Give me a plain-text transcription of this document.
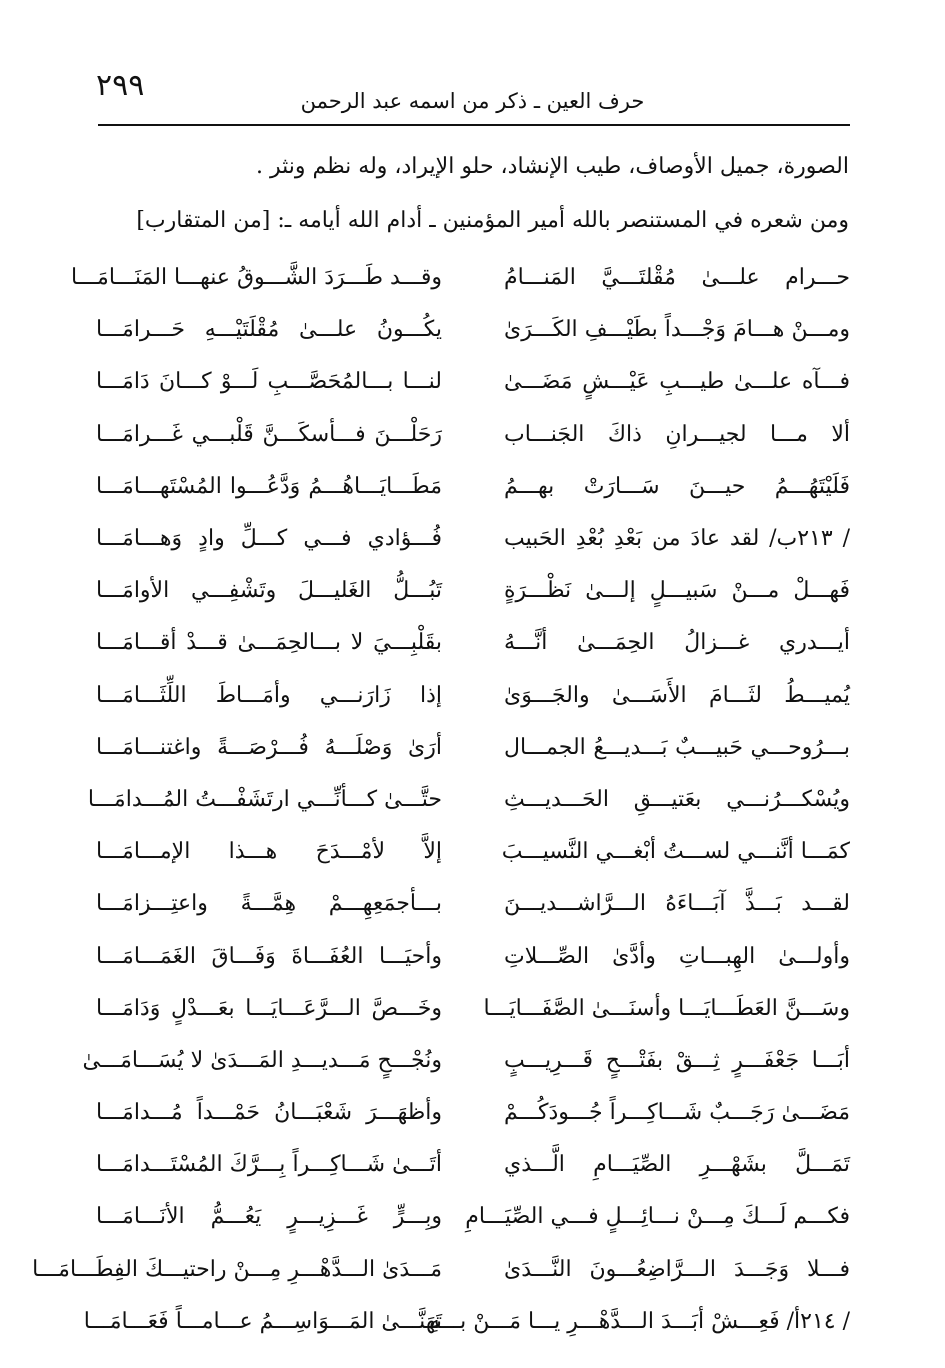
٢٩٩	حرف العين ـ ذكر من اسمه عبد الرحمن
الصورة، جميل الأوصاف، طيب الإنشاد، حلو الإيراد، وله نظم ونثر .
ومن شعره في المستنصر بالله أمير المؤمنين ـ أدام الله أيامه ـ: [من المتقارب]
حـــرام علـــىٰ مُقْلتَـــيَّ المَنـــامُ
وقـــد طَـــرَدَ الشَّـــوقُ عنهـــا المَنَـــامَـــا
ومـــنْ هـــامَ وَجْـــداً بطَيْـــفِ الكَـــرَىٰ
يكُـــونُ علـــىٰ مُقْلَتَيْـــهِ حَـــرامَـــا
فـــآه علـــىٰ طيـــبِ عَيْـــشٍ مَضَـــىٰ
لنـــا بـــالمُحَصَّـــبِ لَـــوْ كـــانَ دَامَـــا
ألا مـــا لجيـــرانِ ذاكَ الجَنـــاب
رَحَلْـــنَ فـــأسكَـــنَّ قَلْبـــي غَـــرامَـــا
فَلَيْتَهُـــمُ حيـــنَ سَـــارَتْ بهـــمُ
مَطَـــايَـــاهُـــمُ وَدَّعُـــوا المُسْتَهـــامَـــا
/ ٢١٣ب/ لقد عادَ من بَعْدِ بُعْدِ الحَبيب
فُـــؤادي فـــي كـــلِّ وادٍ وَهـــامَـــا
فَهـــلْ مـــنْ سَبيـــلٍ إلـــىٰ نَظْـــرَةٍ
تَبُـــلُّ الغَليـــلَ وتَشْفِـــي الأوامَـــا
أيـــدري غـــزالُ الحِمَـــىٰ أنَّـــهُ
بقَلْبِـــيَ لا بـــالحِمَـــىٰ قـــدْ أقـــامَـــا
يُميـــطُ لثَـــامَ الأَسَـــىٰ والجَـــوَىٰ
إذا زَارَنـــي وأمَـــاطَ اللِّثَـــامَـــا
بـــرُوحـــي حَبيـــبٌ بَـــديـــعُ الجمـــال
أرَىٰ وَصْلَـــهُ فُـــرْصَـــةً واغتنـــامَـــا
ويُسْكـــرُنـــي بعَتيـــقِ الحَـــديـــثِ
حتَّـــىٰ كـــأنِّـــي ارتَشَفْـــتُ المُـــدامَـــا
كمَـــا أنَّنـــي لســـتُ أبْغـــي النَّسيـــبَ
إلاَّ لأمْـــدَحَ هـــذا الإمـــامَـــا
لقـــد بَـــذَّ آبَـــاءَهُ الـــرَّاشـــديـــنَ
بـــأجمَعِهِـــمْ هِمَّـــةً واعتِـــزامَـــا
وأولـــىٰ الهِبـــاتِ وأدَّىٰ الصِّـــلاتِ
وأحيَـــا العُفَـــاةَ وَفَـــاقَ الغَمَـــامَـــا
وسَـــنَّ العَطَـــايَـــا وأسنَـــىٰ الصَّفَـــايَـــا
وخَـــصَّ الـــرَّعَـــايَـــا بعَـــدْلٍ وَدَامَـــا
أبَـــا جَعْفَـــرٍ ثِـــقْ بفَتْـــحٍ قَـــرِيـــبٍ
ونُجْـــحٍ مَـــديـــدِ المَـــدَىٰ لا يُسَـــامَـــىٰ
مَضَـــىٰ رَجَـــبٌ شَـــاكِـــراً جُـــودَكُـــمْ
وأظهَـــرَ شَعْبَـــانُ حَمْـــداً مُـــدامَـــا
تَمَـــلَّ بشَهْـــرِ الصِّيَـــامِ الَّـــذي
أتَـــىٰ شَـــاكِـــراً بِـــرَّكَ المُسْتَـــدامَـــا
فكـــم لَـــكَ مِـــنْ نـــائِـــلٍ فـــي الصِّيَـــامِ
وبِـــرٍّ غَـــزِيـــرٍ يَعُـــمُّ الأنَـــامَـــا
فـــلا وَجَـــدَ الـــرَّاضِعُـــونَ النَّـــدَىٰ
مَـــدَىٰ الـــدَّهْـــرِ مِـــنْ راحتيـــكَ الفِطَـــامَـــا
/ ٢١٤أ/ فَعِـــشْ أبَـــدَ الـــدَّهْـــرِ يـــا مَـــنْ بـــهِ
تَهَنَّـــىٰ المَـــوَاسِـــمُ عـــامـــاً فَعَـــامَـــا
